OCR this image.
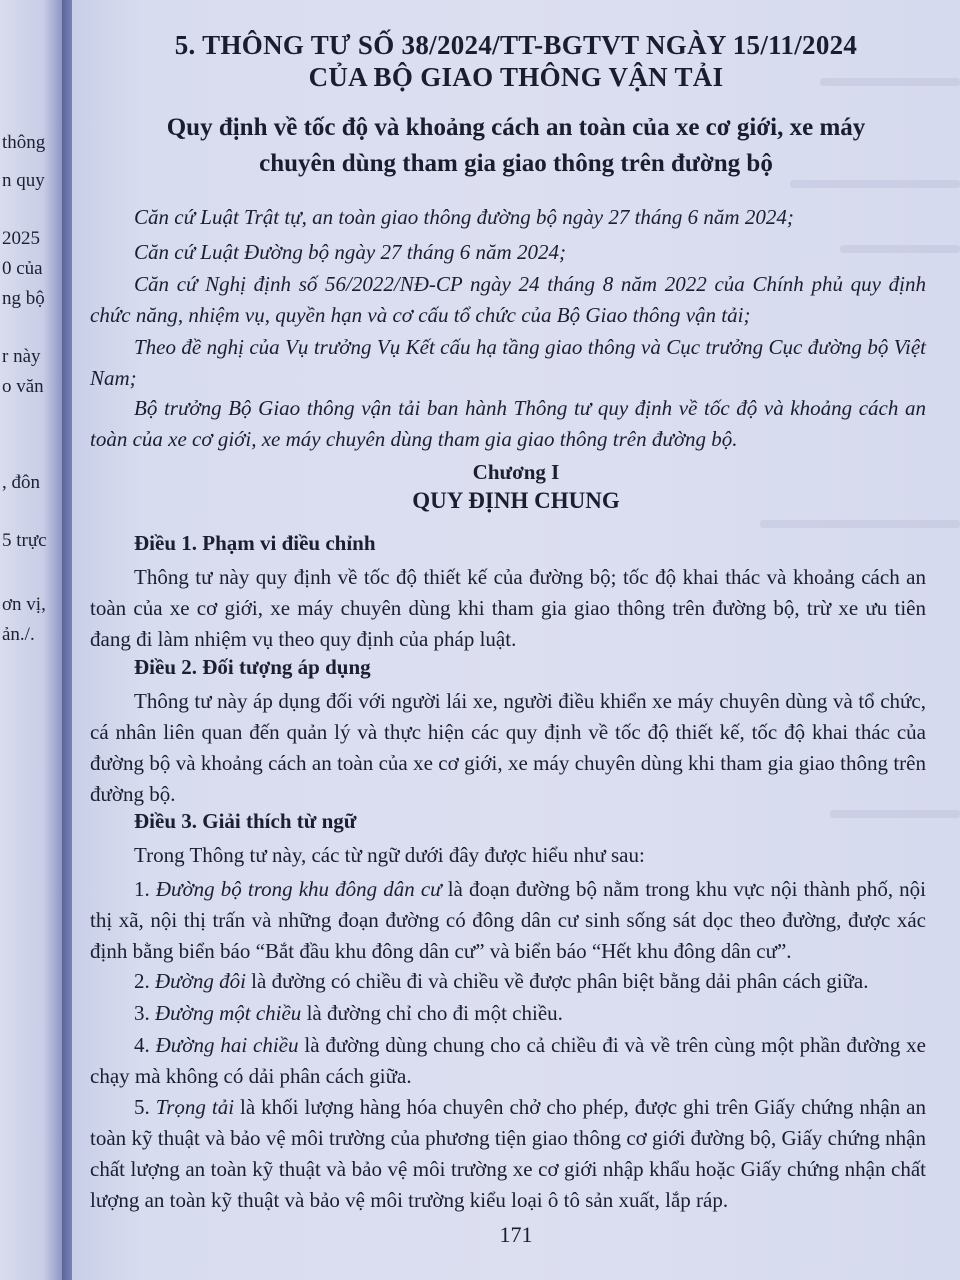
thông
n quy
2025
0 của
ng bộ
r này
o văn
, đôn
5 trực
ơn vị,
ản./.
5. THÔNG TƯ SỐ 38/2024/TT-BGTVT NGÀY 15/11/2024
CỦA BỘ GIAO THÔNG VẬN TẢI
Quy định về tốc độ và khoảng cách an toàn của xe cơ giới, xe máy
chuyên dùng tham gia giao thông trên đường bộ
Căn cứ Luật Trật tự, an toàn giao thông đường bộ ngày 27 tháng 6 năm 2024;
Căn cứ Luật Đường bộ ngày 27 tháng 6 năm 2024;
Căn cứ Nghị định số 56/2022/NĐ-CP ngày 24 tháng 8 năm 2022 của Chính phủ quy định chức năng, nhiệm vụ, quyền hạn và cơ cấu tổ chức của Bộ Giao thông vận tải;
Theo đề nghị của Vụ trưởng Vụ Kết cấu hạ tầng giao thông và Cục trưởng Cục đường bộ Việt Nam;
Bộ trưởng Bộ Giao thông vận tải ban hành Thông tư quy định về tốc độ và khoảng cách an toàn của xe cơ giới, xe máy chuyên dùng tham gia giao thông trên đường bộ.
Chương I
QUY ĐỊNH CHUNG
Điều 1. Phạm vi điều chỉnh
Thông tư này quy định về tốc độ thiết kế của đường bộ; tốc độ khai thác và khoảng cách an toàn của xe cơ giới, xe máy chuyên dùng khi tham gia giao thông trên đường bộ, trừ xe ưu tiên đang đi làm nhiệm vụ theo quy định của pháp luật.
Điều 2. Đối tượng áp dụng
Thông tư này áp dụng đối với người lái xe, người điều khiển xe máy chuyên dùng và tổ chức, cá nhân liên quan đến quản lý và thực hiện các quy định về tốc độ thiết kế, tốc độ khai thác của đường bộ và khoảng cách an toàn của xe cơ giới, xe máy chuyên dùng khi tham gia giao thông trên đường bộ.
Điều 3. Giải thích từ ngữ
Trong Thông tư này, các từ ngữ dưới đây được hiểu như sau:
1. Đường bộ trong khu đông dân cư là đoạn đường bộ nằm trong khu vực nội thành phố, nội thị xã, nội thị trấn và những đoạn đường có đông dân cư sinh sống sát dọc theo đường, được xác định bằng biển báo “Bắt đầu khu đông dân cư” và biển báo “Hết khu đông dân cư”.
2. Đường đôi là đường có chiều đi và chiều về được phân biệt bằng dải phân cách giữa.
3. Đường một chiều là đường chỉ cho đi một chiều.
4. Đường hai chiều là đường dùng chung cho cả chiều đi và về trên cùng một phần đường xe chạy mà không có dải phân cách giữa.
5. Trọng tải là khối lượng hàng hóa chuyên chở cho phép, được ghi trên Giấy chứng nhận an toàn kỹ thuật và bảo vệ môi trường của phương tiện giao thông cơ giới đường bộ, Giấy chứng nhận chất lượng an toàn kỹ thuật và bảo vệ môi trường xe cơ giới nhập khẩu hoặc Giấy chứng nhận chất lượng an toàn kỹ thuật và bảo vệ môi trường kiểu loại ô tô sản xuất, lắp ráp.
171
